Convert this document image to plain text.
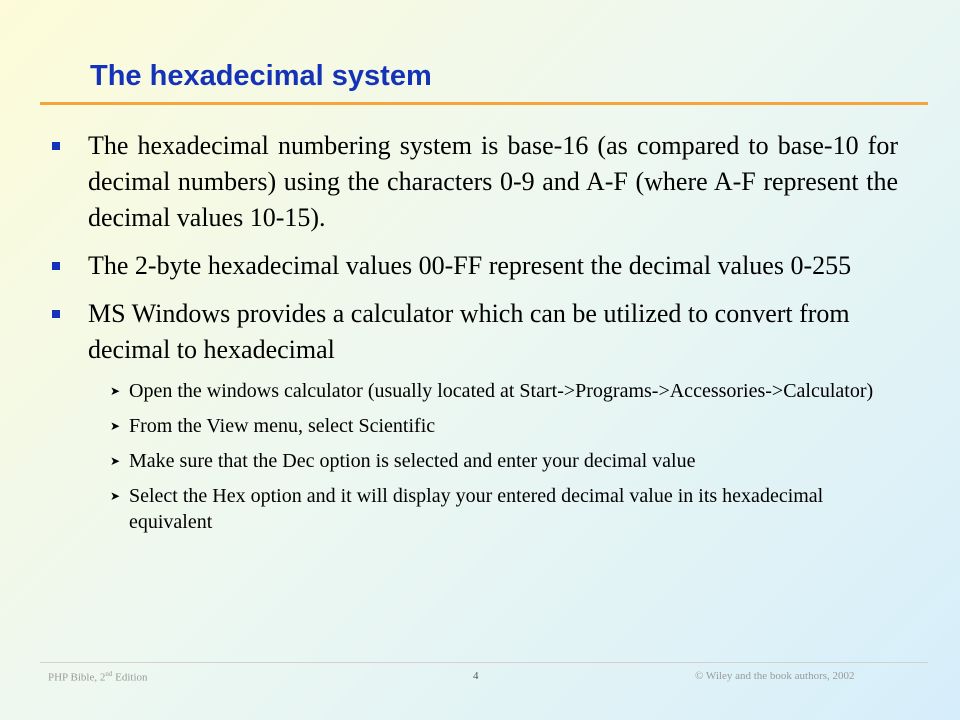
The hexadecimal system
The hexadecimal numbering system is base-16 (as compared to base-10 for decimal numbers) using the characters 0-9 and A-F (where A-F represent the decimal values 10-15).
The 2-byte hexadecimal values 00-FF represent the decimal values 0-255
MS Windows provides a calculator which can be utilized to convert from decimal to hexadecimal
➤ Open the windows calculator (usually located at Start->Programs->Accessories->Calculator)
➤ From the View menu, select Scientific
➤ Make sure that the Dec option is selected and enter your decimal value
➤ Select the Hex option and it will display your entered decimal value in its hexadecimal equivalent
PHP Bible, 2nd Edition	4	© Wiley and the book authors, 2002
